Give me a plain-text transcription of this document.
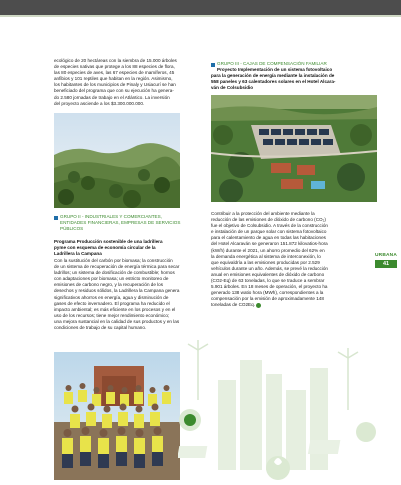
ecológico de 20 hectáreas con la siembra de 15.000 árboles
de especies nativas que protege a los 88 especies de flora,
las 80 especies de aves, las 67 especies de mamíferos, 45
anfibios y 101 reptiles que habitan en la región. Asimismo,
los habitantes de los municipios de Pinaly y Usiacurí se han
beneficiado del programa que con su ejecución ha genera-
do 2.580 jornadas de trabajo en el Atlántico. La inversión
del proyecto asciende a los $3.300.000.000.
GRUPO II - INDUSTRIALES Y COMERCIANTES,
ENTIDADES FINANCIERAS, EMPRESAS DE SERVICIOS
PÚBLICOS
Programa Producción sostenible de una ladrillera
pyme con esquema de economía circular de la
Ladrillera la Campana
Con la sustitución del carbón por biomasa; la construcción
de un sistema de recuperación de energía térmica para secar
ladrillos; un sistema de dosificación de combustible; hornos
con adaptaciones por biomasa; un estricto monitoreo de
emisiones de carbono negro, y la recuperación de los
desechos y residuos sólidos, la Ladrillera la Campana genera
significativos ahorros en energía, agua y disminución de
gases de efecto invernadero. El programa ha reducido el
impacto ambiental; es más eficiente en los procesos y en el
uso de los recursos; tiene mejor rendimiento económico;
una mejora sustancial en la calidad de sus productos y en las
condiciones de trabajo de su capital humano.
GRUPO III - CAJAS DE COMPENSACIÓN FAMILIAR
Proyecto Implementación de un sistema fotovoltaico
para la generación de energía mediante la instalación de
558 paneles y 63 calentadores solares en el Hotel Alcara-
ván de Colsubsidio
Contribuir a la protección del ambiente mediante la
reducción de las emisiones de dióxido de carbono (CO₂)
fue el objetivo de Colsubsidio. A través de la construcción
e instalación de un parque solar con sistema fotovoltaico
para el calentamiento de agua en todas las habitaciones
del Hotel Alcaraván se generaron 151.872 kilovatios-hora
(kW/h) durante el 2021, un ahorro promedio del 62% en
la demanda energética al sistema de interconexión, lo
que equivaldría a las emisiones producidas por 2.529
vehículos durante un año. Además, se prevé la reducción
anual en emisiones equivalentes de dióxido de carbono
(CO2-Eq) de 63 toneladas, lo que se traduce a sembrar
5.901 árboles. En 18 meses de operación, el proyecto ha
generado 138 watio hora (MWh), correspondientes a la
compensación por la emisión de aproximadamente 148
toneladas de CO2Eq.
URBANA
41
